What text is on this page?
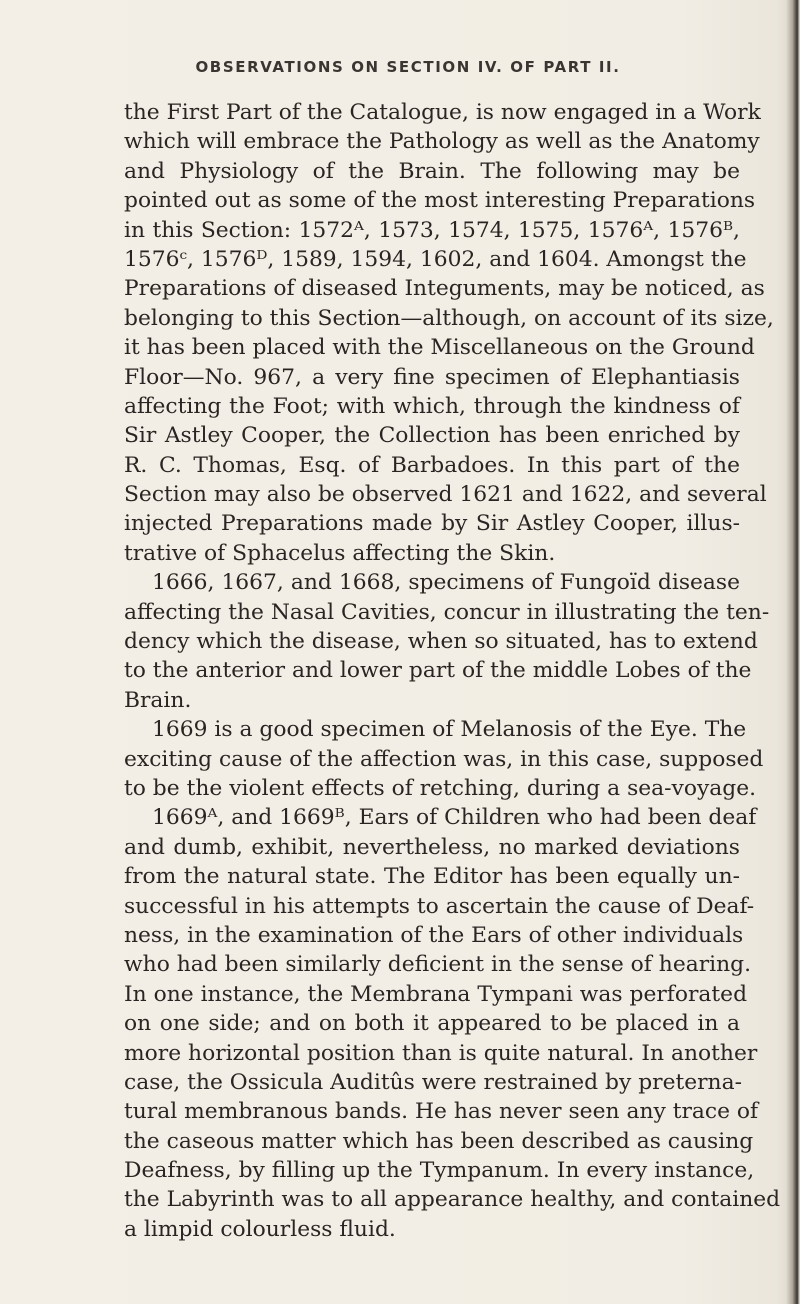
OBSERVATIONS ON SECTION IV. OF PART II.
the First Part of the Catalogue, is now engaged in a Work
which will embrace the Pathology as well as the Anatomy
and Physiology of the Brain. The following may be
pointed out as some of the most interesting Preparations
in this Section: 1572ᴬ, 1573, 1574, 1575, 1576ᴬ, 1576ᴮ,
1576ᶜ, 1576ᴰ, 1589, 1594, 1602, and 1604. Amongst the
Preparations of diseased Integuments, may be noticed, as
belonging to this Section—although, on account of its size,
it has been placed with the Miscellaneous on the Ground
Floor—No. 967, a very fine specimen of Elephantiasis
affecting the Foot; with which, through the kindness of
Sir Astley Cooper, the Collection has been enriched by
R. C. Thomas, Esq. of Barbadoes. In this part of the
Section may also be observed 1621 and 1622, and several
injected Preparations made by Sir Astley Cooper, illus-
trative of Sphacelus affecting the Skin.
1666, 1667, and 1668, specimens of Fungoïd disease
affecting the Nasal Cavities, concur in illustrating the ten-
dency which the disease, when so situated, has to extend
to the anterior and lower part of the middle Lobes of the
Brain.
1669 is a good specimen of Melanosis of the Eye. The
exciting cause of the affection was, in this case, supposed
to be the violent effects of retching, during a sea-voyage.
1669ᴬ, and 1669ᴮ, Ears of Children who had been deaf
and dumb, exhibit, nevertheless, no marked deviations
from the natural state. The Editor has been equally un-
successful in his attempts to ascertain the cause of Deaf-
ness, in the examination of the Ears of other individuals
who had been similarly deficient in the sense of hearing.
In one instance, the Membrana Tympani was perforated
on one side; and on both it appeared to be placed in a
more horizontal position than is quite natural. In another
case, the Ossicula Auditûs were restrained by preterna-
tural membranous bands. He has never seen any trace of
the caseous matter which has been described as causing
Deafness, by filling up the Tympanum. In every instance,
the Labyrinth was to all appearance healthy, and contained
a limpid colourless fluid.
